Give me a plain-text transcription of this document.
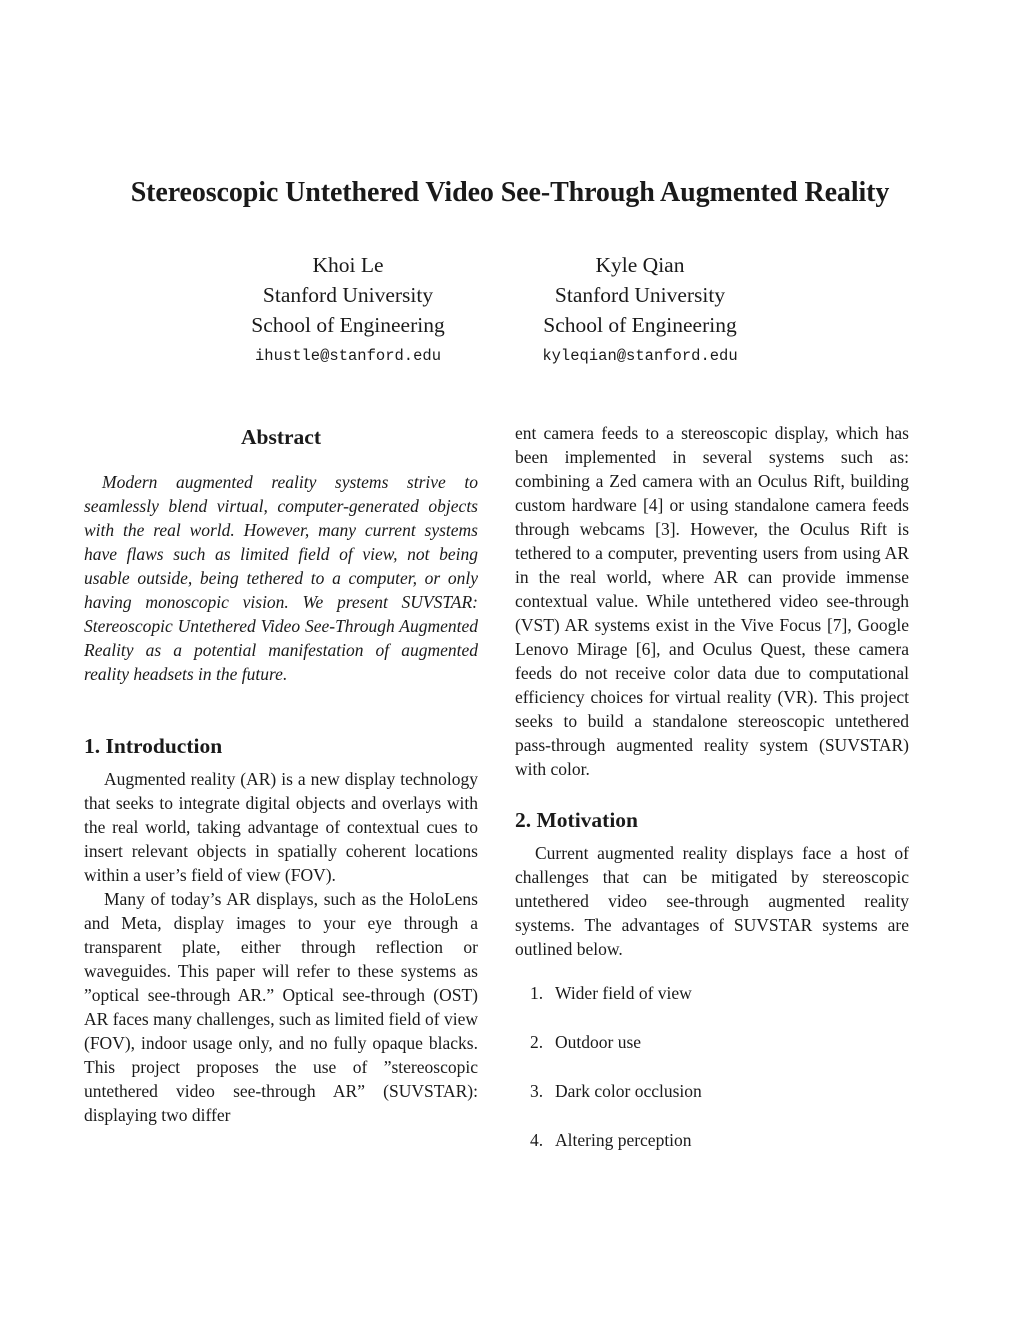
Stereoscopic Untethered Video See-Through Augmented Reality
Khoi Le
Stanford University
School of Engineering
ihustle@stanford.edu
Kyle Qian
Stanford University
School of Engineering
kyleqian@stanford.edu
Abstract

Modern augmented reality systems strive to seamlessly blend virtual, computer-generated objects with the real world. However, many current systems have flaws such as limited field of view, not being usable outside, being tethered to a computer, or only having monoscopic vision. We present SUVSTAR: Stereoscopic Untethered Video See-Through Augmented Reality as a potential manifestation of augmented reality headsets in the future.

1. Introduction

Augmented reality (AR) is a new display technology that seeks to integrate digital objects and overlays with the real world, taking advantage of contextual cues to insert relevant objects in spatially coherent locations within a user’s field of view (FOV).

Many of today’s AR displays, such as the HoloLens and Meta, display images to your eye through a transparent plate, either through reflection or waveguides. This paper will refer to these systems as ”optical see-through AR.” Optical see-through (OST) AR faces many challenges, such as limited field of view (FOV), indoor usage only, and no fully opaque blacks. This project proposes the use of ”stereoscopic untethered video see-through AR” (SUVSTAR): displaying two differ

ent camera feeds to a stereoscopic display, which has been implemented in several systems such as: combining a Zed camera with an Oculus Rift, building custom hardware [4] or using standalone camera feeds through webcams [3]. However, the Oculus Rift is tethered to a computer, preventing users from using AR in the real world, where AR can provide immense contextual value. While untethered video see-through (VST) AR systems exist in the Vive Focus [7], Google Lenovo Mirage [6], and Oculus Quest, these camera feeds do not receive color data due to computational efficiency choices for virtual reality (VR). This project seeks to build a standalone stereoscopic untethered pass-through augmented reality system (SUVSTAR) with color.

2. Motivation

Current augmented reality displays face a host of challenges that can be mitigated by stereoscopic untethered video see-through augmented reality systems. The advantages of SUVSTAR systems are outlined below.

1. Wider field of view
2. Outdoor use
3. Dark color occlusion
4. Altering perception
